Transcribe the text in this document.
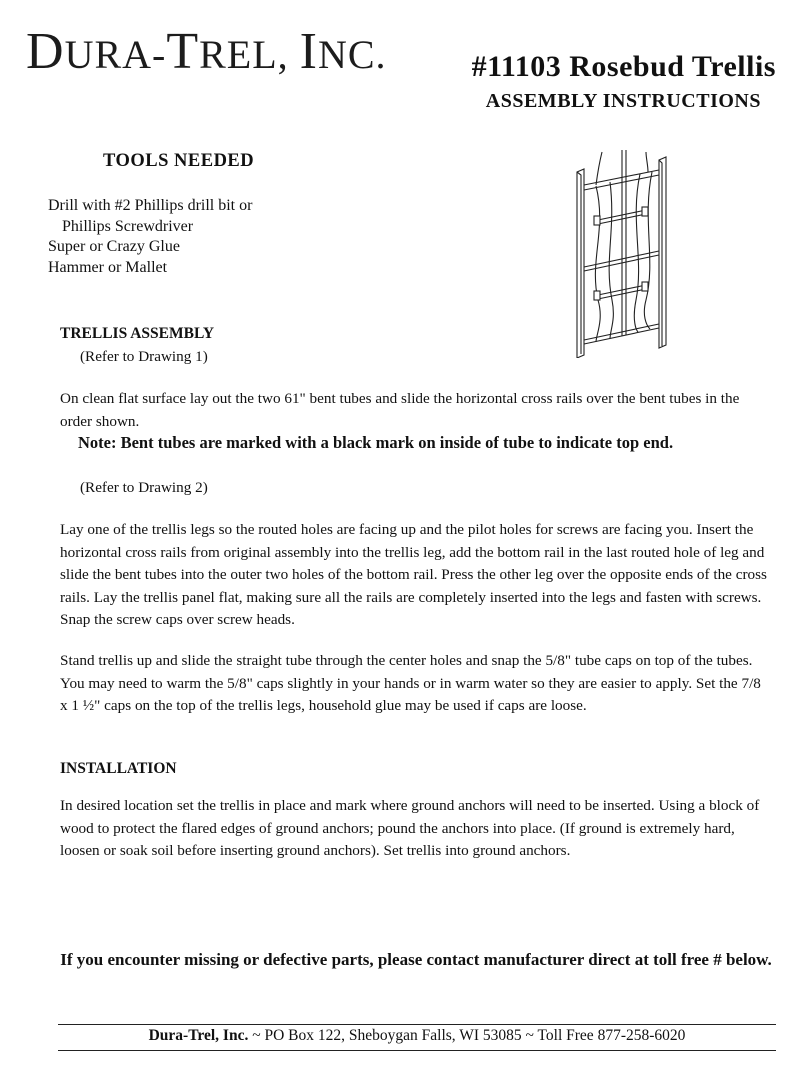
DURA-TREL, INC.	#11103 Rosebud Trellis
ASSEMBLY INSTRUCTIONS
TOOLS NEEDED
Drill with #2 Phillips drill bit or
Phillips Screwdriver
Super or Crazy Glue
Hammer or Mallet
TRELLIS ASSEMBLY
(Refer to Drawing 1)
On clean flat surface lay out the two 61" bent tubes and slide the horizontal cross rails over the bent tubes in the order shown.
Note: Bent tubes are marked with a black mark on inside of tube to indicate top end.
(Refer to Drawing 2)
Lay one of the trellis legs so the routed holes are facing up and the pilot holes for screws are facing you. Insert the horizontal cross rails from original assembly into the trellis leg, add the bottom rail in the last routed hole of leg and slide the bent tubes into the outer two holes of the bottom rail. Press the other leg over the opposite ends of the cross rails. Lay the trellis panel flat, making sure all the rails are completely inserted into the legs and fasten with screws. Snap the screw caps over screw heads.
Stand trellis up and slide the straight tube through the center holes and snap the 5/8" tube caps on top of the tubes. You may need to warm the 5/8" caps slightly in your hands or in warm water so they are easier to apply. Set the 7/8 x 1 ½" caps on the top of the trellis legs, household glue may be used if caps are loose.
INSTALLATION
In desired location set the trellis in place and mark where ground anchors will need to be inserted. Using a block of wood to protect the flared edges of ground anchors; pound the anchors into place. (If ground is extremely hard, loosen or soak soil before inserting ground anchors). Set trellis into ground anchors.
If you encounter missing or defective parts, please contact manufacturer direct at toll free # below.
Dura-Trel, Inc. ~ PO Box 122, Sheboygan Falls, WI 53085 ~ Toll Free 877-258-6020
